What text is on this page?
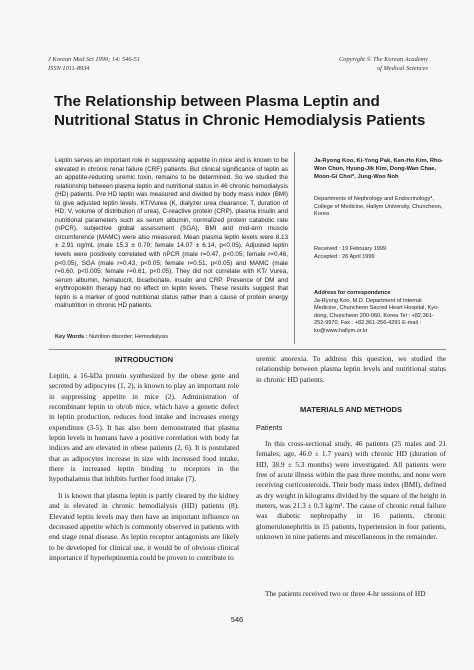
J Korean Med Sci 1999; 14: 546-51
ISSN 1011-8934
Copyright © The Korean Academy
of Medical Sciences
The Relationship between Plasma Leptin and Nutritional Status in Chronic Hemodialysis Patients

Leptin serves an important role in suppressing appetite in mice and is known to be elevated in chronic renal failure (CRF) patients. But clinical significance of leptin as an appetite-reducing uremic toxin, remains to be determined. So we studied the relationship between plasma leptin and nutritional status in 46 chronic hemodialysis (HD) patients. Pre HD leptin was measured and divided by body mass index (BMI) to give adjusted leptin levels. KT/Vurea (K, dialyzer urea clearance; T, duration of HD; V, volume of distribution of urea), C-reactive protein (CRP), plasma insulin and nutritional parameters such as serum albumin, normalized protein catabolic rate (nPCR), subjective global assessment (SGA), BMI and mid-arm muscle circumference (MAMC) were also measured. Mean plasma leptin levels were 8.13 ± 2.91 ng/mL (male 15.3 ± 0.70; female 14.07 ± 6.14, p<0.05). Adjusted leptin levels were positively correlated with nPCR (male r=0.47, p<0.05; female r=0.46, p<0.05), SGA (male r=0.43, p<0.05; female r=0.51, p<0.05) and MAMC (male r=0.60, p<0.005; female r=0.61, p<0.05). They did not correlate with KT/ Vurea, serum albumin, hematocrit, bicarbonate, insulin and CRP. Presence of DM and erythropoietin therapy had no effect on leptin levels. These results suggest that leptin is a marker of good nutritional status rather than a cause of protein energy malnutrition in chronic HD patients.

Key Words : Nutrition disorder; Hemodialysis
Ja-Ryong Koo, Ki-Yong Pak, Ken-Ho Kim, Rho-Won Chun, Hyung-Jik Kim, Dong-Wan Chae, Moon-Gi Choi*, Jung-Woo Noh
Departments of Nephrology and Endocrinology*, College of Medicine, Hallym University, Chuncheon, Korea
Received : 19 February 1999
Accepted : 26 April 1999
Address for correspondence
Ja-Ryong Koo, M.D. Department of Internal Medicine, Chuncheon Sacred Heart Hospital, Kyo-dong, Chuncheon 200-060, Korea Tel : +82.361-252-9970, Fax : +82.361-256-4291 E-mail : ko@www.hallym.or.kr
INTRODUCTION

Leptin, a 16-kDa protein synthesized by the obese gene and secreted by adipocytes (1, 2), is known to play an important role in suppressing appetite in mice (2). Administration of recombinant leptin to ob/ob mice, which have a genetic defect in leptin production, reduces food intake and increases energy expenditure (3-5). It has also been demonstrated that plasma leptin levels in humans have a positive correlation with body fat indices and are elevated in obese patients (2, 6). It is postulated that as adipocytes increase in size with increased food intake, there is increased leptin binding to receptors in the hypothalamus that inhibits further food intake (7).

It is known that plasma leptin is partly cleared by the kidney and is elevated in chronic hemodialysis (HD) patients (8). Elevated leptin levels may then have an important influence on decreased appetite which is commonly observed in patients with end stage renal disease. As leptin receptor antagonists are likely to be developed for clinical use, it would be of obvious clinical importance if hyperleptinemia could be proven to contribute to

uremic anorexia. To address this question, we studied the relationship between plasma leptin levels and nutritional status in chronic HD patients.

MATERIALS AND METHODS
Patients

In this cross-sectional study, 46 patients (25 males and 21 females; age, 46.0 ± 1.7 years) with chronic HD (duration of HD, 38.9 ± 5.3 months) were investigated. All patients were free of acute illness within the past three months, and none were receiving corticosteroids. Their body mass index (BMI), defined as dry weight in kilograms divided by the square of the height in meters, was 21.3 ± 0.3 kg/m². The cause of chronic renal failure was diabetic nephropathy in 16 patients, chronic glomerulonephritis in 15 patients, hypertension in four patients, unknown in nine patients and miscellaneous in the remainder.

The patients received two or three 4-hr sessions of HD

546
